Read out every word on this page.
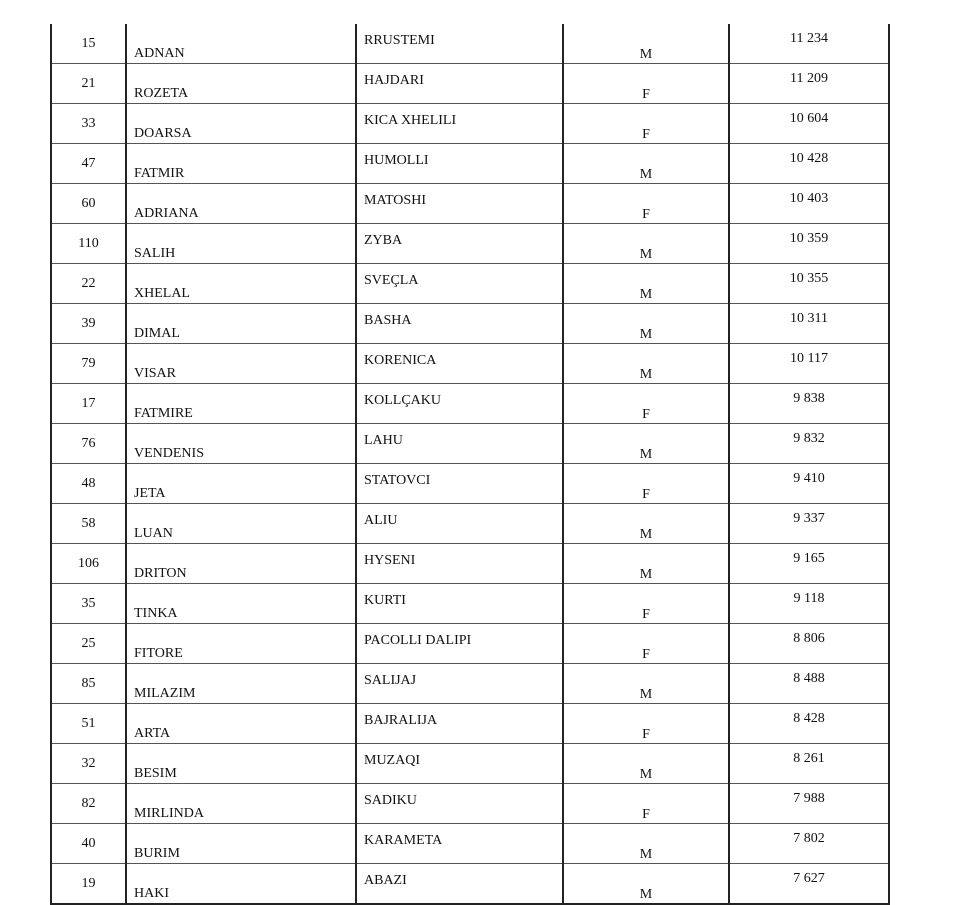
15	ADNAN	RRUSTEMI	M	11 234
21	ROZETA	HAJDARI	F	11 209
33	DOARSA	KICA XHELILI	F	10 604
47	FATMIR	HUMOLLI	M	10 428
60	ADRIANA	MATOSHI	F	10 403
110	SALIH	ZYBA	M	10 359
22	XHELAL	SVEÇLA	M	10 355
39	DIMAL	BASHA	M	10 311
79	VISAR	KORENICA	M	10 117
17	FATMIRE	KOLLÇAKU	F	9 838
76	VENDENIS	LAHU	M	9 832
48	JETA	STATOVCI	F	9 410
58	LUAN	ALIU	M	9 337
106	DRITON	HYSENI	M	9 165
35	TINKA	KURTI	F	9 118
25	FITORE	PACOLLI DALIPI	F	8 806
85	MILAZIM	SALIJAJ	M	8 488
51	ARTA	BAJRALIJA	F	8 428
32	BESIM	MUZAQI	M	8 261
82	MIRLINDA	SADIKU	F	7 988
40	BURIM	KARAMETA	M	7 802
19	HAKI	ABAZI	M	7 627
